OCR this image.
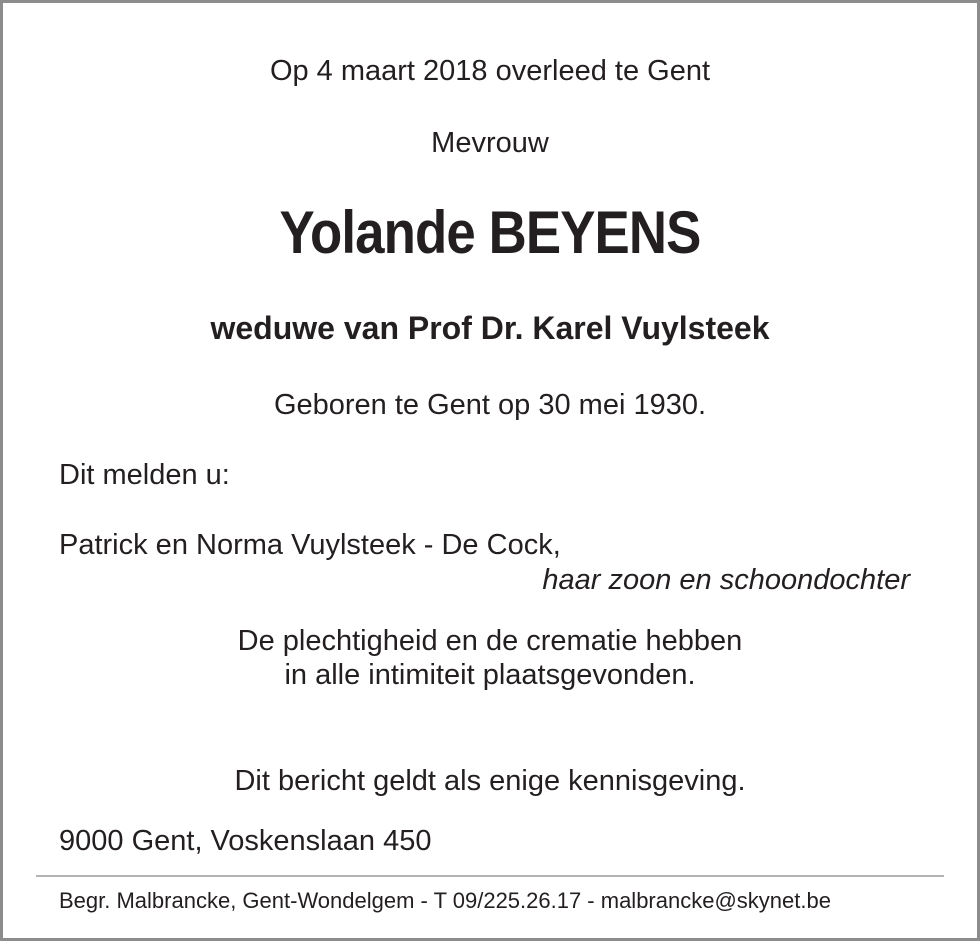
Op 4 maart 2018 overleed te Gent
Mevrouw
Yolande BEYENS
weduwe van Prof Dr. Karel Vuylsteek
Geboren te Gent op 30 mei 1930.
Dit melden u:
Patrick en Norma Vuylsteek - De Cock,
haar zoon en schoondochter
De plechtigheid en de crematie hebben
in alle intimiteit plaatsgevonden.
Dit bericht geldt als enige kennisgeving.
9000 Gent, Voskenslaan 450
Begr. Malbrancke, Gent-Wondelgem - T 09/225.26.17 - malbrancke@skynet.be
